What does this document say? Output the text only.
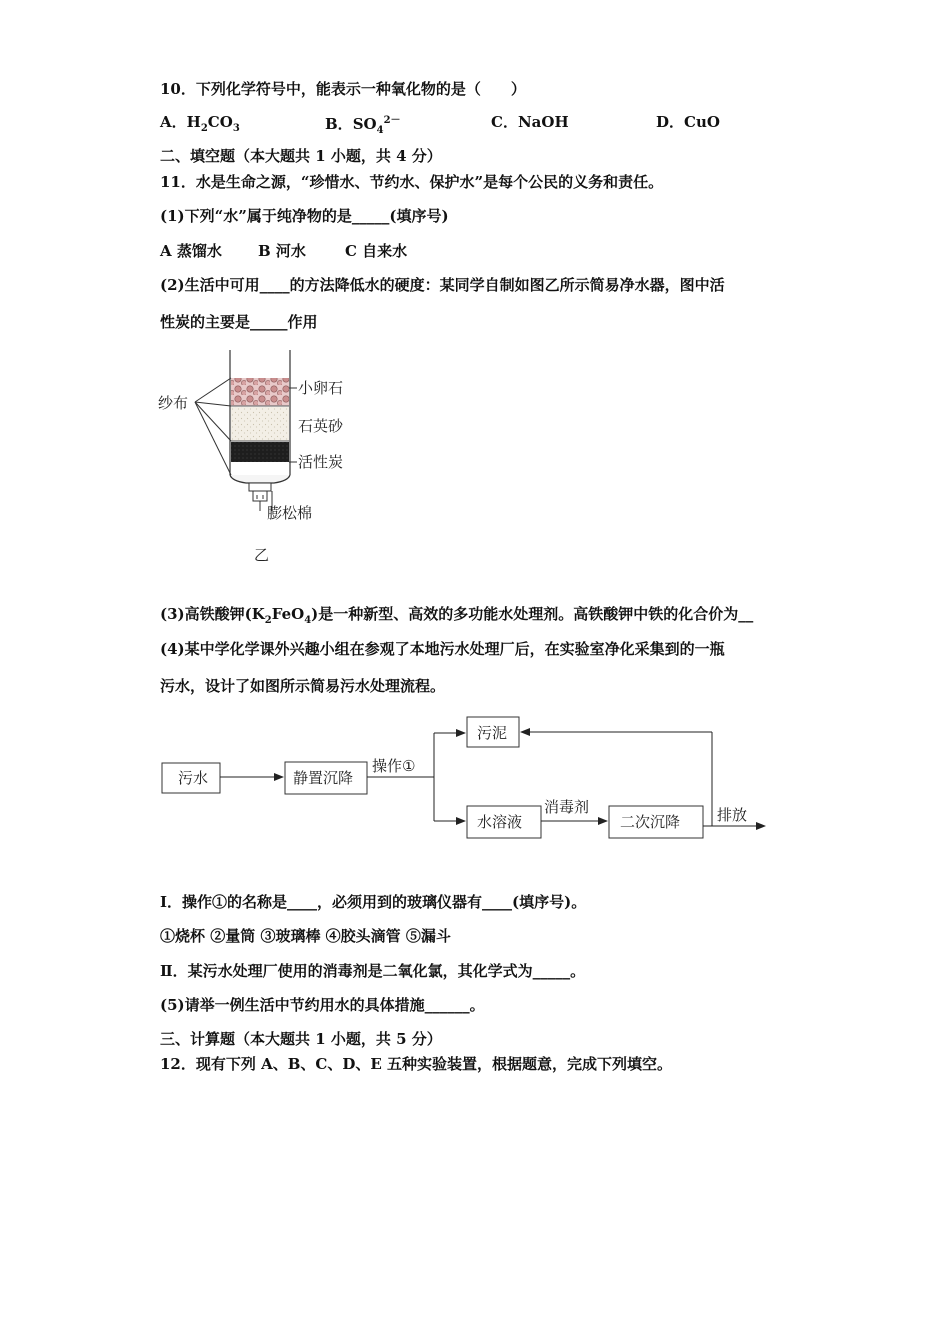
10．下列化学符号中，能表示一种氧化物的是（　　）
A．$H_2CO_3$	B．$SO_4^{2-}$	C．NaOH	D．CuO
二、填空题（本大题共 1 小题，共 4 分）
11．水是生命之源，“珍惜水、节约水、保护水”是每个公民的义务和责任。
(1)下列“水”属于纯净物的是_____(填序号)
A 蒸馏水 B 河水	C 自来水
(2)生活中可用____的方法降低水的硬度：某同学自制如图乙所示简易净水器，图中活
性炭的主要是_____作用
纱布
小卵石
石英砂
活性炭
膨松棉
乙
(3)高铁酸钾$(K_2FeO_4)$是一种新型、高效的多功能水处理剂。高铁酸钾中铁的化合价为__
(4)某中学化学课外兴趣小组在参观了本地污水处理厂后，在实验室净化采集到的一瓶
污水，设计了如图所示简易污水处理流程。
污水	静置沉降
操作①
污泥
水溶液
消毒剂
二次沉降 排放
Ⅰ．操作①的名称是____，必须用到的玻璃仪器有____(填序号)。
①烧杯 ②量筒 ③玻璃棒 ④胶头滴管 ⑤漏斗
Ⅱ．某污水处理厂使用的消毒剂是二氧化氯，其化学式为_____。
(5)请举一例生活中节约用水的具体措施______。
三、计算题（本大题共 1 小题，共 5 分）
12．现有下列 A、B、C、D、E 五种实验装置，根据题意，完成下列填空。
